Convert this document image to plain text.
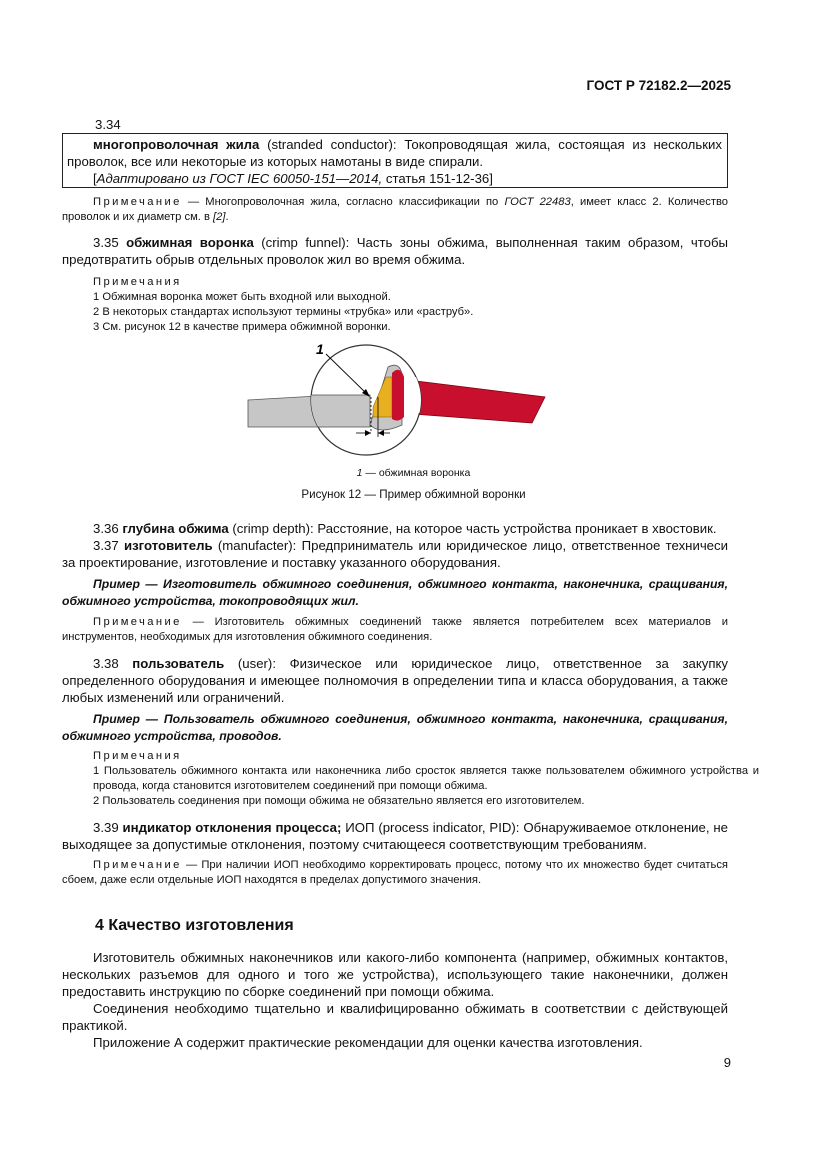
ГОСТ Р 72182.2—2025
3.34
многопроволочная жила (stranded conductor): Токопроводящая жила, состоящая из нескольких проволок, все или некоторые из которых намотаны в виде спирали.
[Адаптировано из ГОСТ IEC 60050-151—2014, статья 151-12-36]
Примечание — Многопроволочная жила, согласно классификации по ГОСТ 22483, имеет класс 2. Количество проволок и их диаметр см. в [2].
3.35 обжимная воронка (crimp funnel): Часть зоны обжима, выполненная таким образом, чтобы предотвратить обрыв отдельных проволок жил во время обжима.
Примечания
1 Обжимная воронка может быть входной или выходной.
2 В некоторых стандартах используют термины «трубка» или «раструб».
3 См. рисунок 12 в качестве примера обжимной воронки.
1
1 — обжимная воронка
Рисунок 12 — Пример обжимной воронки
3.36 глубина обжима (crimp depth): Расстояние, на которое часть устройства проникает в хвостовик.
3.37 изготовитель (manufacter): Предприниматель или юридическое лицо, ответственное техничеси за проектирование, изготовление и поставку указанного оборудования.
Пример — Изготовитель обжимного соединения, обжимного контакта, наконечника, сращивания, обжимного устройства, токопроводящих жил.
Примечание — Изготовитель обжимных соединений также является потребителем всех материалов и инструментов, необходимых для изготовления обжимного соединения.
3.38 пользователь (user): Физическое или юридическое лицо, ответственное за закупку определенного оборудования и имеющее полномочия в определении типа и класса оборудования, а также любых изменений или ограничений.
Пример — Пользователь обжимного соединения, обжимного контакта, наконечника, сращивания, обжимного устройства, проводов.
Примечания
1 Пользователь обжимного контакта или наконечника либо сросток является также пользователем обжимного устройства и провода, когда становится изготовителем соединений при помощи обжима.
2 Пользователь соединения при помощи обжима не обязательно является его изготовителем.
3.39 индикатор отклонения процесса; ИОП (process indicator, PID): Обнаруживаемое отклонение, не выходящее за допустимые отклонения, поэтому считающееся соответствующим требованиям.
Примечание — При наличии ИОП необходимо корректировать процесс, потому что их множество будет считаться сбоем, даже если отдельные ИОП находятся в пределах допустимого значения.
4 Качество изготовления
Изготовитель обжимных наконечников или какого-либо компонента (например, обжимных контактов, нескольких разъемов для одного и того же устройства), использующего такие наконечники, должен предоставить инструкцию по сборке соединений при помощи обжима.
Соединения необходимо тщательно и квалифицированно обжимать в соответствии с действующей практикой.
Приложение А содержит практические рекомендации для оценки качества изготовления.
9
